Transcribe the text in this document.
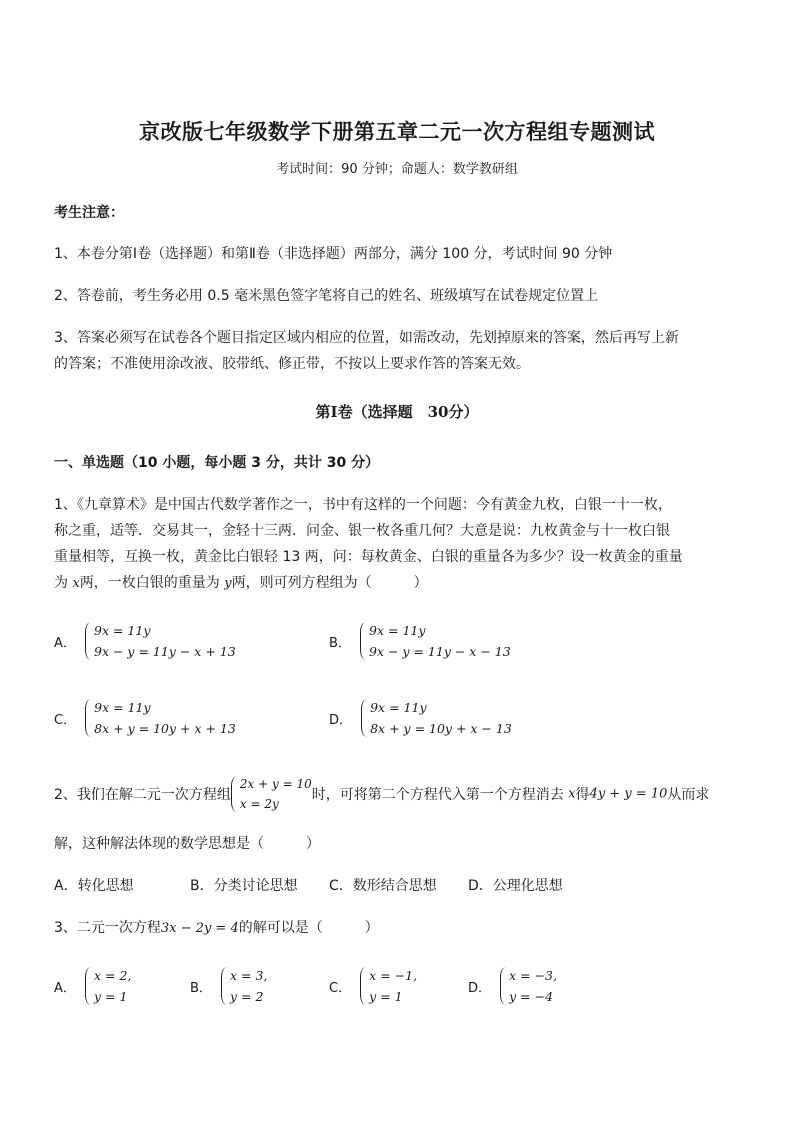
京改版七年级数学下册第五章二元一次方程组专题测试
考试时间：90 分钟；命题人：数学教研组
考生注意：
1、本卷分第Ⅰ卷（选择题）和第Ⅱ卷（非选择题）两部分，满分 100 分，考试时间 90 分钟
2、答卷前，考生务必用 0.5 毫米黑色签字笔将自己的姓名、班级填写在试卷规定位置上
3、答案必须写在试卷各个题目指定区域内相应的位置，如需改动，先划掉原来的答案，然后再写上新
的答案；不准使用涂改液、胶带纸、修正带，不按以上要求作答的答案无效。
第Ⅰ卷（选择题　30分）
一、单选题（10 小题，每小题 3 分，共计 30 分）
1、《九章算术》是中国古代数学著作之一，书中有这样的一个问题：今有黄金九枚，白银一十一枚，
称之重，适等．交易其一，金轻十三两．问金、银一枚各重几何？大意是说：九枚黄金与十一枚白银
重量相等，互换一枚，黄金比白银轻 13 两，问：每枚黄金、白银的重量各为多少？设一枚黄金的重量
为 x两，一枚白银的重量为 y两，则可列方程组为（　　　）
A．
9x = 11y
9x − y = 11y − x + 13
B．
9x = 11y
9x − y = 11y − x − 13
C．
9x = 11y
8x + y = 10y + x + 13
D．
9x = 11y
8x + y = 10y + x − 13
2、我们在解二元一次方程组
2x + y = 10
x = 2y
时，可将第二个方程代入第一个方程消去 x得4y + y = 10从而求
解，这种解法体现的数学思想是（　　　）
A．转化思想	B．分类讨论思想 C．数形结合思想 D．公理化思想
3、二元一次方程3x − 2y = 4的解可以是（　　　）
A．
x = 2,
y = 1
B．
x = 3,
y = 2
C．
x = −1,
y = 1
D．
x = −3,
y = −4
